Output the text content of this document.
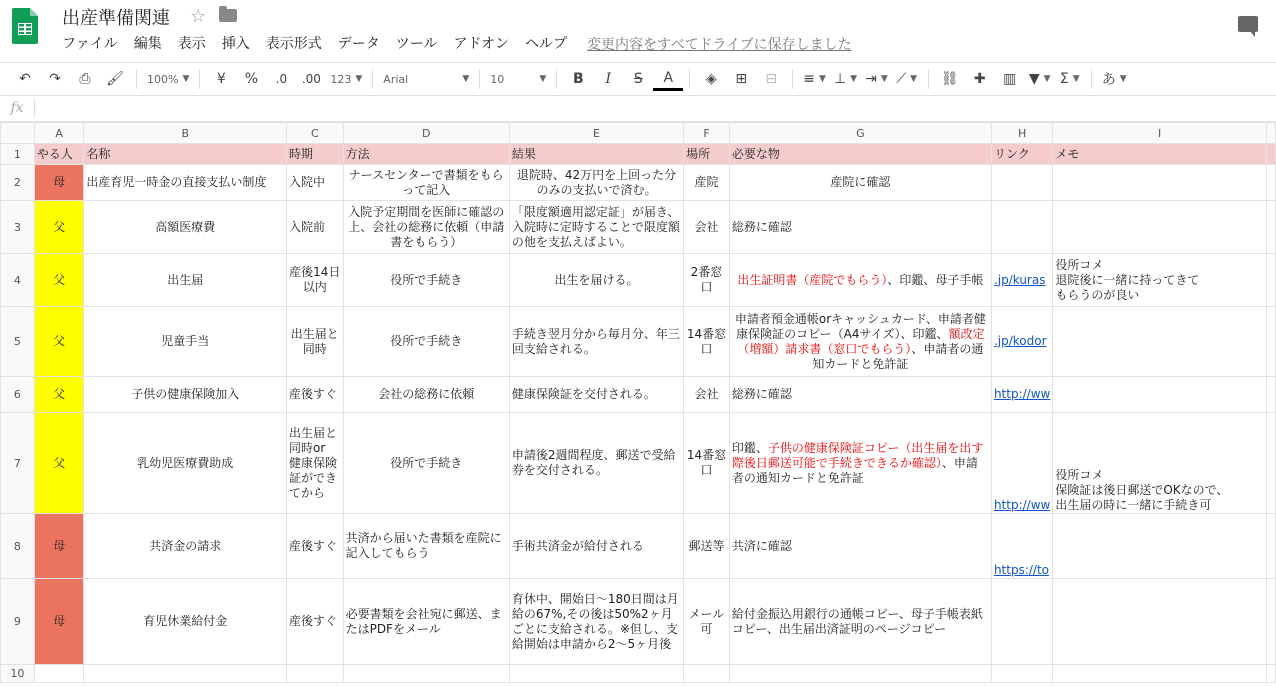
出産準備関連 ☆
ファイル	編集	表示	挿入	表示形式	データ	ツール	アドオン	ヘルプ	変更内容をすべてドライブに保存しました
↶	↷	⎙	🖌	100% ▼	¥	%	.0	.00 123 ▼ Arial	▼ 10	▼	B	I	S	A	◈	⊞	⊟	≡ ▼ ⊥ ▼ ⇥ ▼ ⟋ ▼	⛓	✚	▥ ▼ ▼ Σ ▼ あ ▼
fx
	A	B	C	D	E	F	G	H	I	
1	やる人	名称	時期	方法	結果	場所	必要な物	リンク	メモ	
2	母	出産育児一時金の直接支払い制度	入院中	ナースセンターで書類をもらって記入	退院時、42万円を上回った分のみの支払いで済む。	産院	産院に確認			
3	父	高額医療費	入院前	入院予定期間を医師に確認の上、会社の総務に依頼（申請書をもらう）	「限度額適用認定証」が届き、入院時に定時することで限度額の他を支払えばよい。	会社	総務に確認			
4	父	出生届	産後14日以内	役所で手続き	出生を届ける。	2番窓口	出生証明書（産院でもらう）、印鑑、母子手帳	.jp/kuras	役所コメ
退院後に一緒に持ってきて
もらうのが良い	
5	父	児童手当	出生届と同時	役所で手続き	手続き翌月分から毎月分、年三回支給される。	14番窓口	申請者預金通帳orキャッシュカード、申請者健康保険証のコピー（A4サイズ）、印鑑、額改定（増額）請求書（窓口でもらう）、申請者の通知カードと免許証	.jp/kodor		
6	父	子供の健康保険加入	産後すぐ	会社の総務に依頼	健康保険証を交付される。	会社	総務に確認	http://ww		
7	父	乳幼児医療費助成	出生届と同時or 健康保険証ができてから	役所で手続き	申請後2週間程度、郵送で受給券を交付される。	14番窓口	印鑑、子供の健康保険証コピー（出生届を出す際後日郵送可能で手続きできるか確認）、申請者の通知カードと免許証	http://ww	役所コメ
保険証は後日郵送でOKなので、
出生届の時に一緒に手続き可	
8	母	共済金の請求	産後すぐ	共済から届いた書類を産院に記入してもらう	手術共済金が給付される	郵送等	共済に確認	https://to		
9	母	育児休業給付金	産後すぐ	必要書類を会社宛に郵送、またはPDFをメール	育休中、開始日〜180日間は月給の67%,その後は50%2ヶ月ごとに支給される。※但し、支給開始は申請から2〜5ヶ月後	メール可	給付金振込用銀行の通帳コピー、母子手帳表紙コピー、出生届出済証明のページコピー			
10										
